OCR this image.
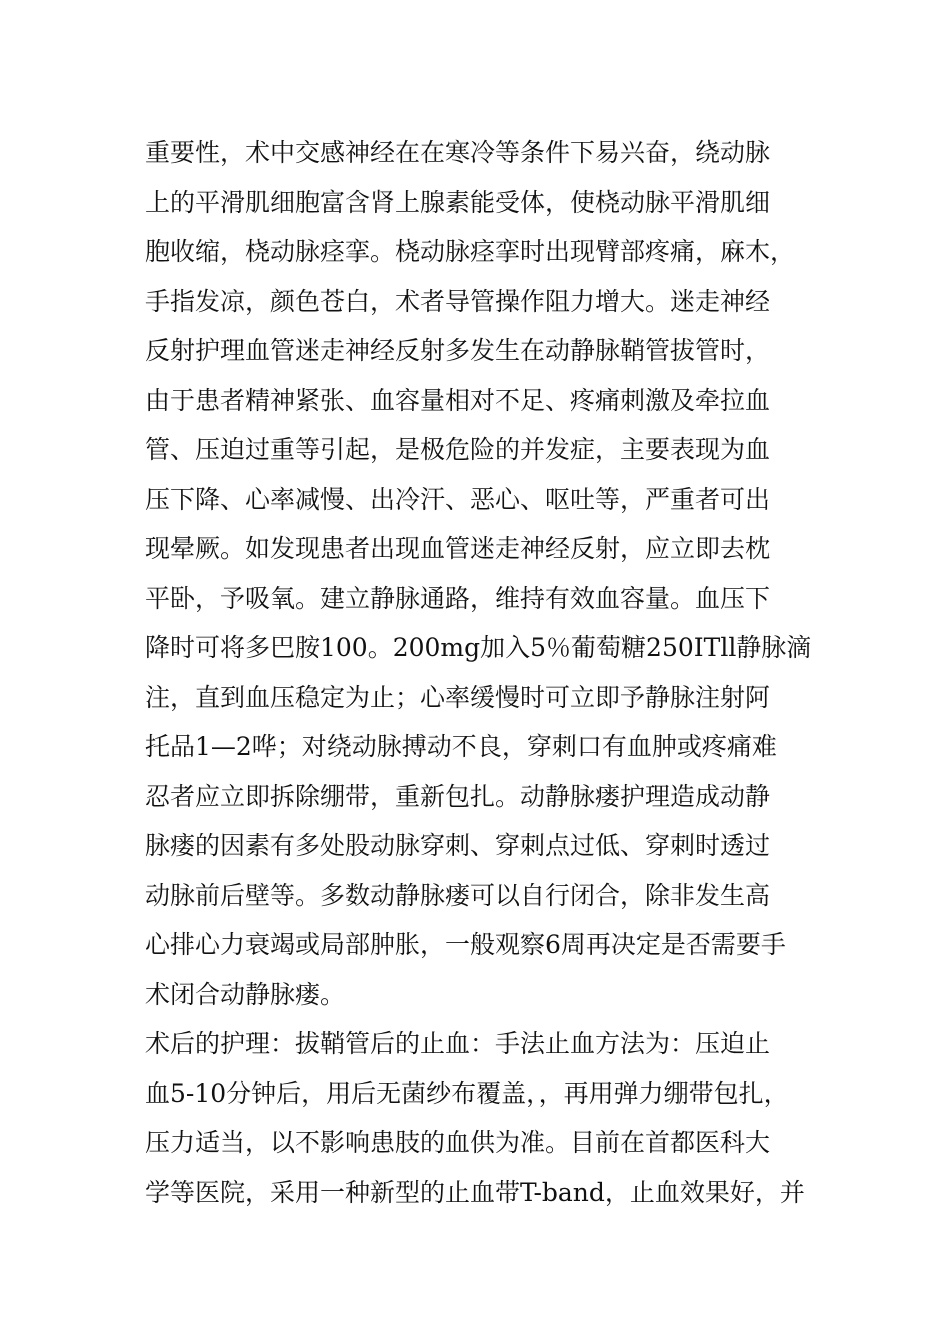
重要性，术中交感神经在在寒冷等条件下易兴奋，绕动脉
上的平滑肌细胞富含肾上腺素能受体，使桡动脉平滑肌细
胞收缩，桡动脉痉挛。桡动脉痉挛时出现臂部疼痛，麻木，
手指发凉，颜色苍白，术者导管操作阻力增大。迷走神经
反射护理血管迷走神经反射多发生在动静脉鞘管拔管时，
由于患者精神紧张、血容量相对不足、疼痛刺激及牵拉血
管、压迫过重等引起，是极危险的并发症，主要表现为血
压下降、心率减慢、出冷汗、恶心、呕吐等，严重者可出
现晕厥。如发现患者出现血管迷走神经反射，应立即去枕
平卧，予吸氧。建立静脉通路，维持有效血容量。血压下
降时可将多巴胺100。200mg加入5％葡萄糖250ITll静脉滴
注，直到血压稳定为止；心率缓慢时可立即予静脉注射阿
托品1—2哗；对绕动脉搏动不良，穿刺口有血肿或疼痛难
忍者应立即拆除绷带，重新包扎。动静脉瘘护理造成动静
脉瘘的因素有多处股动脉穿刺、穿刺点过低、穿刺时透过
动脉前后壁等。多数动静脉瘘可以自行闭合，除非发生高
心排心力衰竭或局部肿胀，一般观察6周再决定是否需要手
术闭合动静脉瘘。
术后的护理：拔鞘管后的止血：手法止血方法为：压迫止
血5-10分钟后，用后无菌纱布覆盖，，再用弹力绷带包扎，
压力适当，以不影响患肢的血供为准。目前在首都医科大
学等医院，采用一种新型的止血带T-band，止血效果好，并
